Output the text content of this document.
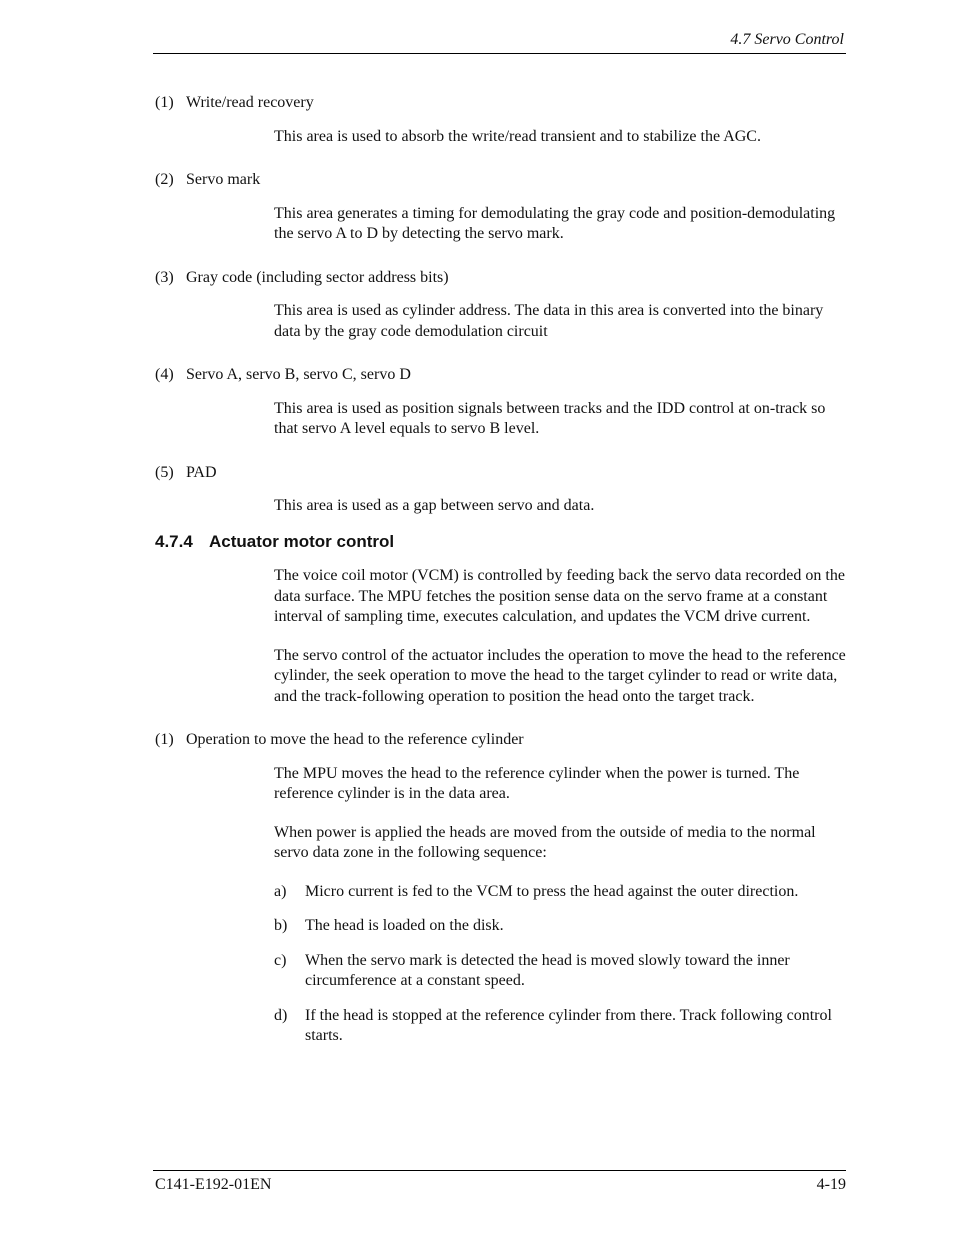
4.7 Servo Control
(1) Write/read recovery

This area is used to absorb the write/read transient and to stabilize the AGC.

(2) Servo mark

This area generates a timing for demodulating the gray code and position-demodulating the servo A to D by detecting the servo mark.

(3) Gray code (including sector address bits)

This area is used as cylinder address. The data in this area is converted into the binary data by the gray code demodulation circuit

(4) Servo A, servo B, servo C, servo D

This area is used as position signals between tracks and the IDD control at on-track so that servo A level equals to servo B level.

(5) PAD

This area is used as a gap between servo and data.

4.7.4 Actuator motor control

The voice coil motor (VCM) is controlled by feeding back the servo data recorded on the data surface. The MPU fetches the position sense data on the servo frame at a constant interval of sampling time, executes calculation, and updates the VCM drive current.

The servo control of the actuator includes the operation to move the head to the reference cylinder, the seek operation to move the head to the target cylinder to read or write data, and the track-following operation to position the head onto the target track.

(1) Operation to move the head to the reference cylinder

The MPU moves the head to the reference cylinder when the power is turned. The reference cylinder is in the data area.

When power is applied the heads are moved from the outside of media to the normal servo data zone in the following sequence:

a)	Micro current is fed to the VCM to press the head against the outer direction.
b)	The head is loaded on the disk.
c)	When the servo mark is detected the head is moved slowly toward the inner circumference at a constant speed.
d)	If the head is stopped at the reference cylinder from there. Track following control starts.
C141-E192-01EN	4-19
